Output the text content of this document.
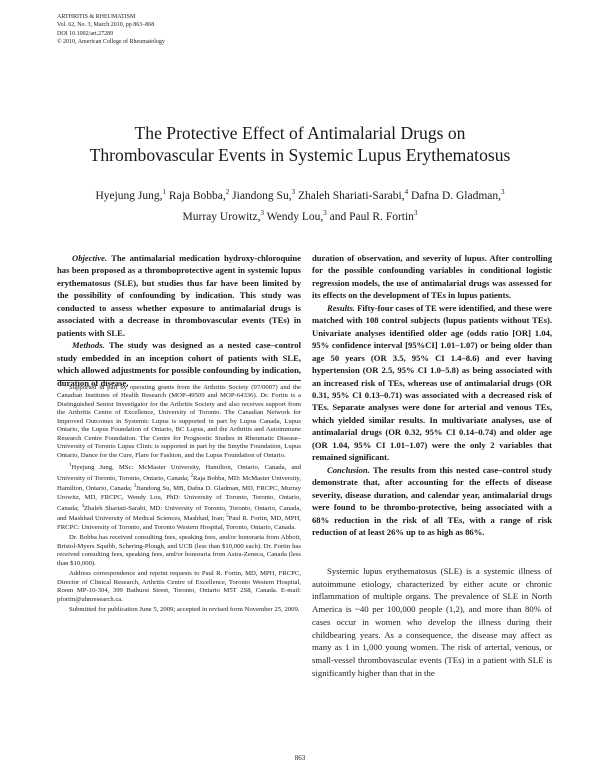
ARTHRITIS & RHEUMATISM
Vol. 62, No. 3, March 2010, pp 863–868
DOI 10.1002/art.27289
© 2010, American College of Rheumatology
The Protective Effect of Antimalarial Drugs on
Thrombovascular Events in Systemic Lupus Erythematosus
Hyejung Jung,$^1$ Raja Bobba,$^2$ Jiandong Su,$^3$ Zhaleh Shariati-Sarabi,$^4$ Dafna D. Gladman,$^3$
Murray Urowitz,$^3$ Wendy Lou,$^3$ and Paul R. Fortin$^3$

Objective. The antimalarial medication hydroxy-chloroquine has been proposed as a thromboprotective agent in systemic lupus erythematosus (SLE), but studies thus far have been limited by the possibility of confounding by indication. This study was conducted to assess whether exposure to antimalarial drugs is associated with a decrease in thrombovascular events (TEs) in patients with SLE.

Methods. The study was designed as a nested case–control study embedded in an inception cohort of patients with SLE, which allowed adjustments for possible confounding by indication, duration of disease,

Supported in part by operating grants from the Arthritis Society (97/0007) and the Canadian Institutes of Health Research (MOP-49509 and MOP-64336). Dr. Fortin is a Distinguished Senior Investigator for the Arthritis Society and also receives support from the Arthritis Centre of Excellence, University of Toronto. The Canadian Network for Improved Outcomes in Systemic Lupus is supported in part by Lupus Canada, Lupus Ontario, the Lupus Foundation of Ontario, BC Lupus, and the Arthritis and Autoimmune Research Centre Foundation. The Centre for Prognostic Studies in Rheumatic Disease–University of Toronto Lupus Clinic is supported in part by the Smythe Foundation, Lupus Ontario, Dance for the Cure, Flare for Fashion, and the Lupus Foundation of Ontario.

$^1$Hyejung Jung, MSc: McMaster University, Hamilton, Ontario, Canada, and University of Toronto, Toronto, Ontario, Canada; $^2$Raja Bobba, MD: McMaster University, Hamilton, Ontario, Canada; $^3$Jiandong Su, MB, Dafna D. Gladman, MD, FRCPC, Murray Urowitz, MD, FRCPC, Wendy Lou, PhD: University of Toronto, Toronto, Ontario, Canada; $^4$Zhaleh Shariati-Sarabi, MD: University of Toronto, Toronto, Ontario, Canada, and Mashhad University of Medical Sciences, Mashhad, Iran; $^5$Paul R. Fortin, MD, MPH, FRCPC: University of Toronto, and Toronto Western Hospital, Toronto, Ontario, Canada.

Dr. Bobba has received consulting fees, speaking fees, and/or honoraria from Abbott, Bristol-Myers Squibb, Schering-Plough, and UCB (less than $10,000 each). Dr. Fortin has received consulting fees, speaking fees, and/or honoraria from Astra-Zeneca, Canada (less than $10,000).

Address correspondence and reprint requests to Paul R. Fortin, MD, MPH, FRCPC, Director of Clinical Research, Arthritis Centre of Excellence, Toronto Western Hospital, Room MP-10-304, 399 Bathurst Street, Toronto, Ontario M5T 2S8, Canada. E-mail: pfortin@uhnresearch.ca.

Submitted for publication June 5, 2009; accepted in revised form November 25, 2009.

duration of observation, and severity of lupus. After controlling for the possible confounding variables in conditional logistic regression models, the use of antimalarial drugs was assessed for its effects on the development of TEs in lupus patients.

Results. Fifty-four cases of TE were identified, and these were matched with 108 control subjects (lupus patients without TEs). Univariate analyses identified older age (odds ratio [OR] 1.04, 95% confidence interval [95%CI] 1.01–1.07) or being older than age 50 years (OR 3.5, 95% CI 1.4–8.6) and ever having hypertension (OR 2.5, 95% CI 1.0–5.8) as being associated with an increased risk of TEs, whereas use of antimalarial drugs (OR 0.31, 95% CI 0.13–0.71) was associated with a decreased risk of TEs. Separate analyses were done for arterial and venous TEs, which yielded similar results. In multivariate analyses, use of antimalarial drugs (OR 0.32, 95% CI 0.14–0.74) and older age (OR 1.04, 95% CI 1.01–1.07) were the only 2 variables that remained significant.

Conclusion. The results from this nested case–control study demonstrate that, after accounting for the effects of disease severity, disease duration, and calendar year, antimalarial drugs were found to be thrombo-protective, being associated with a 68% reduction in the risk of all TEs, with a range of risk reduction of at least 26% up to as high as 86%.

Systemic lupus erythematosus (SLE) is a systemic illness of autoimmune etiology, characterized by either acute or chronic inflammation of multiple organs. The prevalence of SLE in North America is ~40 per 100,000 people (1,2), and more than 80% of cases occur in women who develop the illness during their childbearing years. As a consequence, the disease may affect as many as 1 in 1,000 young women. The risk of arterial, venous, or small-vessel thrombovascular events (TEs) in a patient with SLE is significantly higher than that in the

863
